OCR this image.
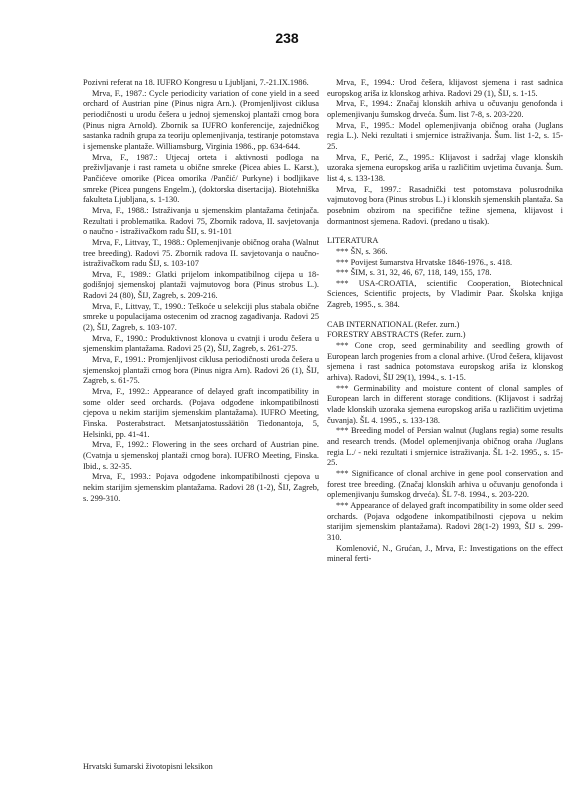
238

Pozivni referat na 18. IUFRO Kongresu u Ljubljani, 7.-21.IX.1986.

Mrva, F., 1987.: Cycle periodicity variation of cone yield in a seed orchard of Austrian pine (Pinus nigra Arn.). (Promjenljivost ciklusa periodičnosti u urodu češera u jednoj sjemenskoj plantaži crnog bora (Pinus nigra Arnold). Zbornik sa IUFRO konferencije, zajedničkog sastanka radnih grupa za teoriju oplemenjivanja, testiranje potomstava i sjemenske plantaže. Williamsburg, Virginia 1986., pp. 634-644.

Mrva, F., 1987.: Utjecaj orteta i aktivnosti podloga na preživljavanje i rast rameta u obične smreke (Picea abies L. Karst.), Pančićeve omorike (Picea omorika /Pančić/ Purkyne) i bodljikave smreke (Picea pungens Engelm.), (doktorska disertacija). Biotehniška fakulteta Ljubljana, s. 1-130.

Mrva, F., 1988.: Istraživanja u sjemenskim plantažama četinjača. Rezultati i problematika. Radovi 75, Zbornik radova, II. savjetovanja o naučno - istraživačkom radu ŠIJ, s. 91-101

Mrva, F., Littvay, T., 1988.: Oplemenjivanje običnog oraha (Walnut tree breeding). Radovi 75. Zbornik radova II. savjetovanja o naučno-istraživačkom radu ŠIJ, s. 103-107

Mrva, F., 1989.: Glatki prijelom inkompatibilnog cijepa u 18-godišnjoj sjemenskoj plantaži vajmutovog bora (Pinus strobus L.). Radovi 24 (80), ŠIJ, Zagreb, s. 209-216.

Mrva, F., Littvay, T., 1990.: Teškoće u selekciji plus stabala obične smreke u populacijama ostecenim od zracnog zagađivanja. Radovi 25 (2), ŠIJ, Zagreb, s. 103-107.

Mrva, F., 1990.: Produktivnost klonova u cvatnji i urodu češera u sjemenskim plantažama. Radovi 25 (2), ŠIJ, Zagreb, s. 261-275.

Mrva, F., 1991.: Promjenljivost ciklusa periodičnosti uroda češera u sjemenskoj plantaži crnog bora (Pinus nigra Arn). Radovi 26 (1), ŠIJ, Zagreb, s. 61-75.

Mrva, F., 1992.: Appearance of delayed graft incompatibility in some older seed orchards. (Pojava odgođene inkompatibilnosti cjepova u nekim starijim sjemenskim plantažama). IUFRO Meeting, Finska. Posterabstract. Metsanjatostussäätiön Tiedonantoja, 5, Helsinki, pp. 41-41.

Mrva, F., 1992.: Flowering in the sees orchard of Austrian pine. (Cvatnja u sjemenskoj plantaži crnog bora). IUFRO Meeting, Finska. Ibid., s. 32-35.

Mrva, F., 1993.: Pojava odgođene inkompatibilnosti cjepova u nekim starijim sjemenskim plantažama. Radovi 28 (1-2), ŠIJ, Zagreb, s. 299-310.

Mrva, F., 1994.: Urod češera, klijavost sjemena i rast sadnica europskog ariša iz klonskog arhiva. Radovi 29 (1), ŠIJ, s. 1-15.

Mrva, F., 1994.: Značaj klonskih arhiva u očuvanju genofonda i oplemenjivanju šumskog drveća. Šum. list 7-8, s. 203-220.

Mrva, F., 1995.: Model oplemenjivanja običnog oraha (Juglans regia L.). Neki rezultati i smjernice istraživanja. Šum. list 1-2, s. 15-25.

Mrva, F., Perić, Z., 1995.: Klijavost i sadržaj vlage klonskih uzoraka sjemena europskog ariša u različitim uvjetima čuvanja. Šum. list 4, s. 133-138.

Mrva, F., 1997.: Rasadnički test potomstava polusrodnika vajmutovog bora (Pinus strobus L.) i klonskih sjemenskih plantaža. Sa posebnim obzirom na specifične težine sjemena, klijavost i dormantnost sjemena. Radovi. (predano u tisak).

LITERATURA

*** ŠN, s. 366.

*** Povijest šumarstva Hrvatske 1846-1976., s. 418.

*** ŠIM, s. 31, 32, 46, 67, 118, 149, 155, 178.

*** USA-CROATIA, scientific Cooperation, Biotechnical Sciences, Scientific projects, by Vladimir Paar. Školska knjiga Zagreb, 1995., s. 384.

CAB INTERNATIONAL (Refer. zurn.)
FORESTRY ABSTRACTS (Refer. zurn.)

*** Cone crop, seed germinability and seedling growth of European larch progenies from a clonal arhive. (Urod češera, klijavost sjemena i rast sadnica potomstava europskog ariša iz klonskog arhiva). Radovi, ŠIJ 29(1), 1994., s. 1-15.

*** Germinability and moisture content of clonal samples of European larch in different storage conditions. (Klijavost i sadržaj vlade klonskih uzoraka sjemena europskog ariša u različitim uvjetima čuvanja). ŠL 4. 1995., s. 133-138.

*** Breeding model of Persian walnut (Juglans regia) some results and research trends. (Model oplemenjivanja običnog oraha /Juglans regia L./ - neki rezultati i smjernice istraživanja. ŠL 1-2. 1995., s. 15-25.

*** Significance of clonal archive in gene pool conservation and forest tree breeding. (Značaj klonskih arhiva u očuvanju genofonda i oplemenjivanju šumskog drveća). ŠL 7-8. 1994., s. 203-220.

*** Appearance of delayed graft incompatibility in some older seed orchards. (Pojava odgođene inkompatibilnosti cjepova u nekim starijim sjemenskim plantažama). Radovi 28(1-2) 1993, ŠIJ s. 299-310.

Komlenović, N., Grućan, J., Mrva, F.: Investigations on the effect mineral ferti-

Hrvatski šumarski životopisni leksikon
